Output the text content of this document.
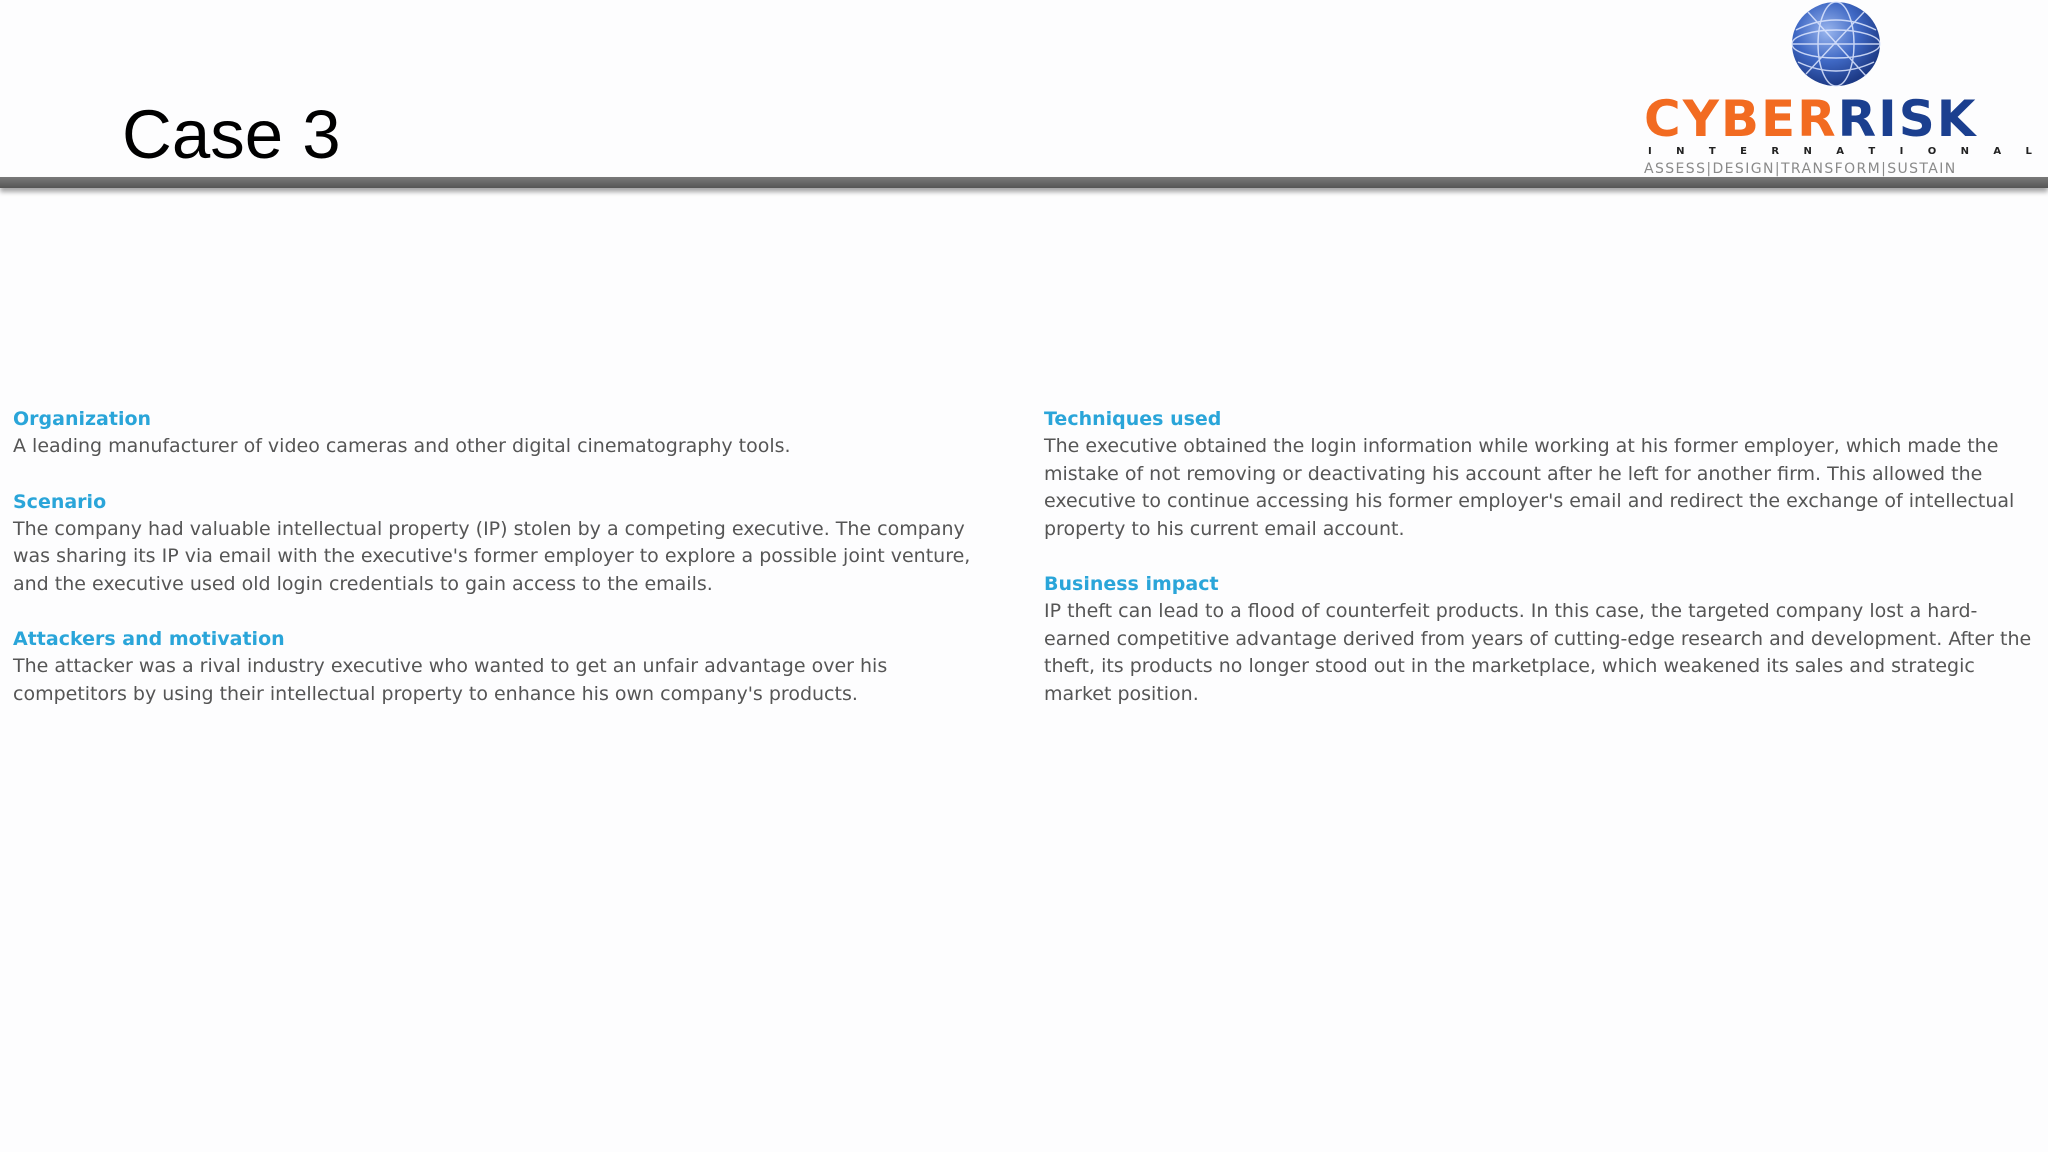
Case 3	CYBERRISK
I N T E R N A T I O N A L
ASSESS|DESIGN|TRANSFORM|SUSTAIN

Organization

A leading manufacturer of video cameras and other digital cinematography tools.

Scenario

The company had valuable intellectual property (IP) stolen by a competing executive. The company was sharing its IP via email with the executive's former employer to explore a possible joint venture, and the executive used old login credentials to gain access to the emails.

Attackers and motivation

The attacker was a rival industry executive who wanted to get an unfair advantage over his competitors by using their intellectual property to enhance his own company's products.

Techniques used

The executive obtained the login information while working at his former employer, which made the mistake of not removing or deactivating his account after he left for another firm. This allowed the executive to continue accessing his former employer's email and redirect the exchange of intellectual property to his current email account.

Business impact

IP theft can lead to a flood of counterfeit products. In this case, the targeted company lost a hard-earned competitive advantage derived from years of cutting-edge research and development. After the theft, its products no longer stood out in the marketplace, which weakened its sales and strategic market position.
